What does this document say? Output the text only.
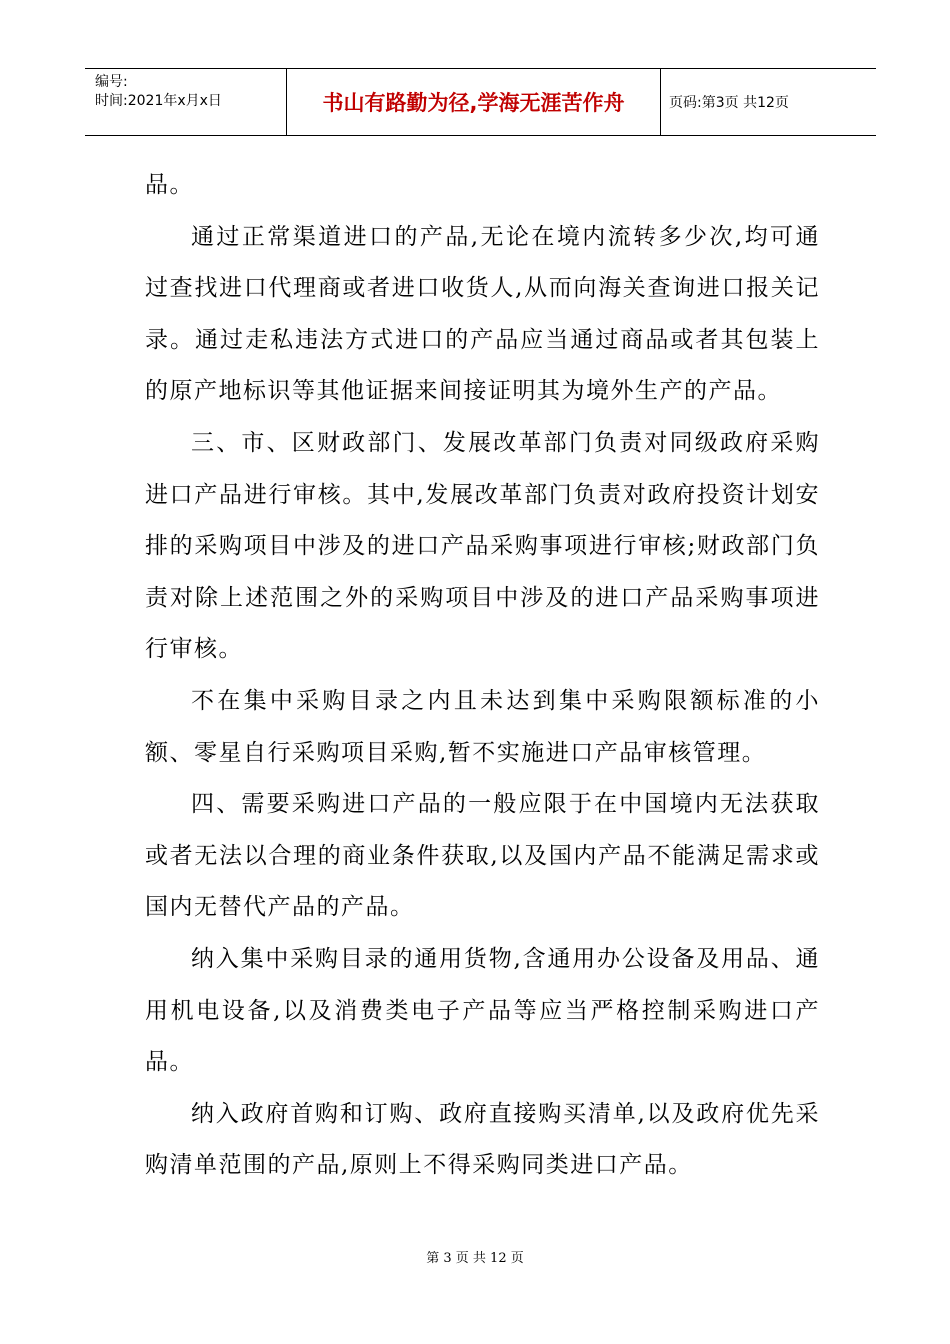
编号:
时间:2021年x月x日	书山有路勤为径,学海无涯苦作舟	页码:第3页 共12页

品。

通过正常渠道进口的产品,无论在境内流转多少次,均可通过查找进口代理商或者进口收货人,从而向海关查询进口报关记录。通过走私违法方式进口的产品应当通过商品或者其包装上的原产地标识等其他证据来间接证明其为境外生产的产品。

三、市、区财政部门、发展改革部门负责对同级政府采购进口产品进行审核。其中,发展改革部门负责对政府投资计划安排的采购项目中涉及的进口产品采购事项进行审核;财政部门负责对除上述范围之外的采购项目中涉及的进口产品采购事项进行审核。

不在集中采购目录之内且未达到集中采购限额标准的小额、零星自行采购项目采购,暂不实施进口产品审核管理。

四、需要采购进口产品的一般应限于在中国境内无法获取或者无法以合理的商业条件获取,以及国内产品不能满足需求或国内无替代产品的产品。

纳入集中采购目录的通用货物,含通用办公设备及用品、通用机电设备,以及消费类电子产品等应当严格控制采购进口产品。

纳入政府首购和订购、政府直接购买清单,以及政府优先采购清单范围的产品,原则上不得采购同类进口产品。

第 3 页 共 12 页
